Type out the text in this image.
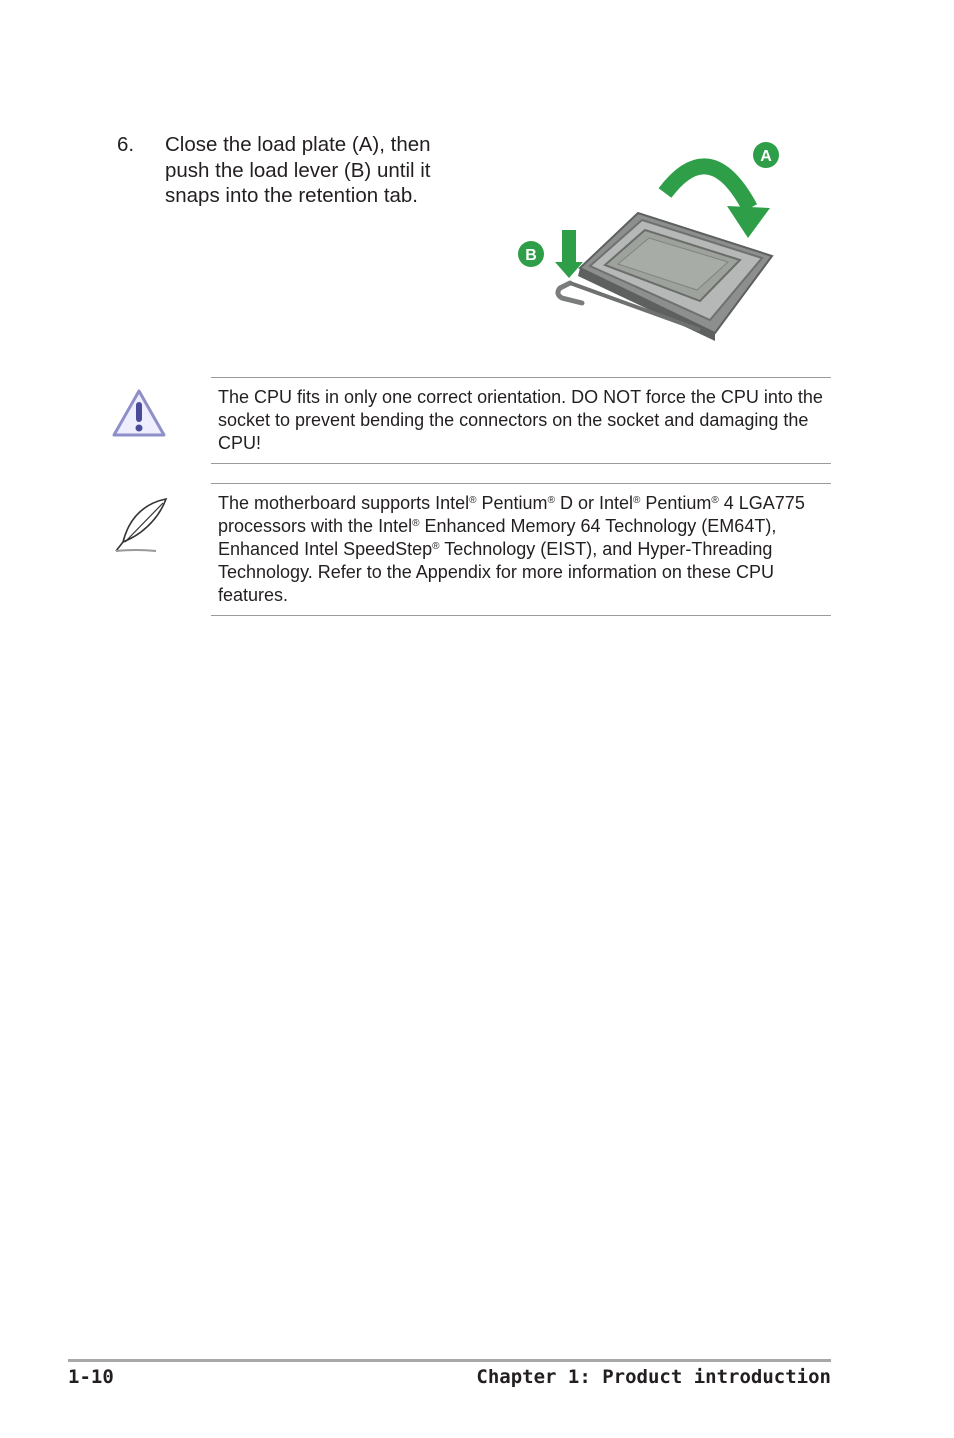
6. Close the load plate (A), then push the load lever (B) until it snaps into the retention tab.
A
B

The CPU fits in only one correct orientation. DO NOT force the CPU into the socket to prevent bending the connectors on the socket and damaging the CPU!

The motherboard supports Intel® Pentium® D or Intel® Pentium® 4 LGA775 processors with the Intel® Enhanced Memory 64 Technology (EM64T), Enhanced Intel SpeedStep® Technology (EIST), and Hyper-Threading Technology. Refer to the Appendix for more information on these CPU features.

1-10	Chapter 1: Product introduction
